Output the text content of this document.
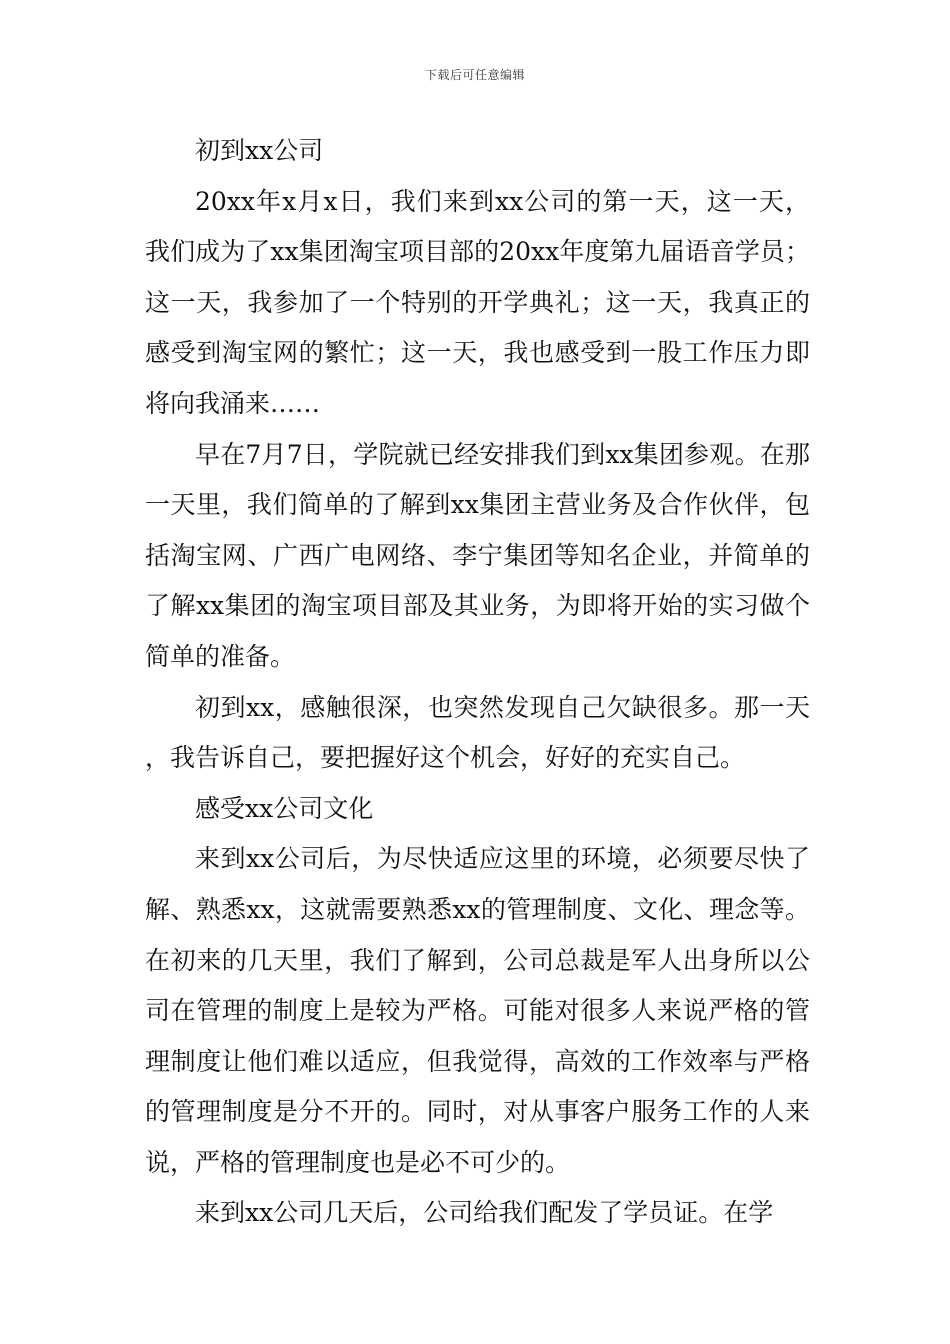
下载后可任意编辑

初到xx公司

20xx年x月x日，我们来到xx公司的第一天，这一天，我们成为了xx集团淘宝项目部的20xx年度第九届语音学员；这一天，我参加了一个特别的开学典礼；这一天，我真正的感受到淘宝网的繁忙；这一天，我也感受到一股工作压力即将向我涌来……

早在7月7日，学院就已经安排我们到xx集团参观。在那一天里，我们简单的了解到xx集团主营业务及合作伙伴，包括淘宝网、广西广电网络、李宁集团等知名企业，并简单的了解xx集团的淘宝项目部及其业务，为即将开始的实习做个简单的准备。

初到xx，感触很深，也突然发现自己欠缺很多。那一天，我告诉自己，要把握好这个机会，好好的充实自己。

感受xx公司文化

来到xx公司后，为尽快适应这里的环境，必须要尽快了解、熟悉xx，这就需要熟悉xx的管理制度、文化、理念等。在初来的几天里，我们了解到，公司总裁是军人出身所以公司在管理的制度上是较为严格。可能对很多人来说严格的管理制度让他们难以适应，但我觉得，高效的工作效率与严格的管理制度是分不开的。同时，对从事客户服务工作的人来说，严格的管理制度也是必不可少的。

来到xx公司几天后，公司给我们配发了学员证。在学
